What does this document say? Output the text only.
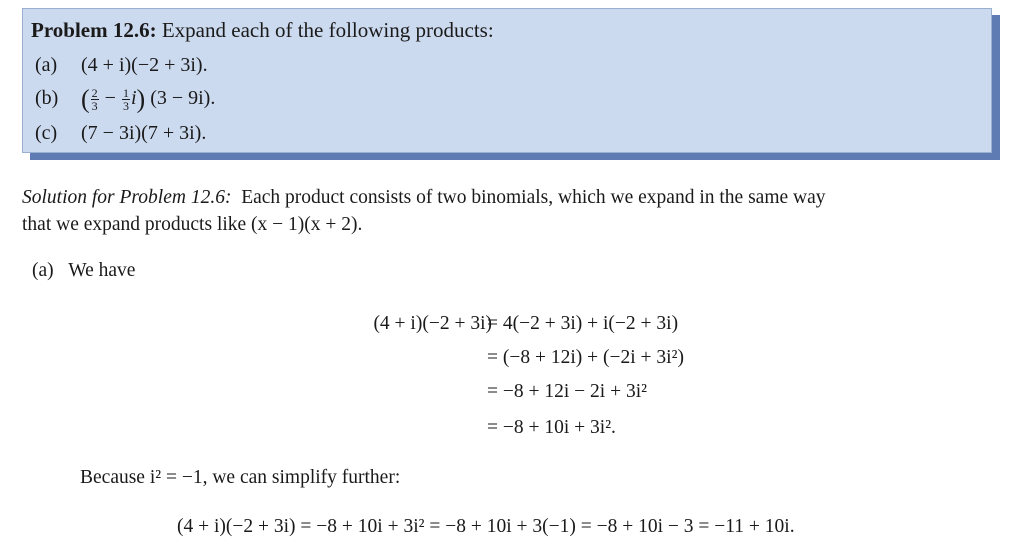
Problem 12.6: Expand each of the following products:
(a) (4 + i)(−2 + 3i).
(b) ( $\frac{2}{3} - \frac{1}{3} i$) (3 − 9i).
(c) (7 − 3i)(7 + 3i).
Solution for Problem 12.6: Each product consists of two binomials, which we expand in the same way
that we expand products like (x − 1)(x + 2).
(a) We have
(4 + i)(−2 + 3i)
= 4(−2 + 3i) + i(−2 + 3i)
= (−8 + 12i) + (−2i + 3i²)
= −8 + 12i − 2i + 3i²
= −8 + 10i + 3i².
Because i² = −1, we can simplify further:
(4 + i)(−2 + 3i) = −8 + 10i + 3i² = −8 + 10i + 3(−1) = −8 + 10i − 3 = −11 + 10i.
